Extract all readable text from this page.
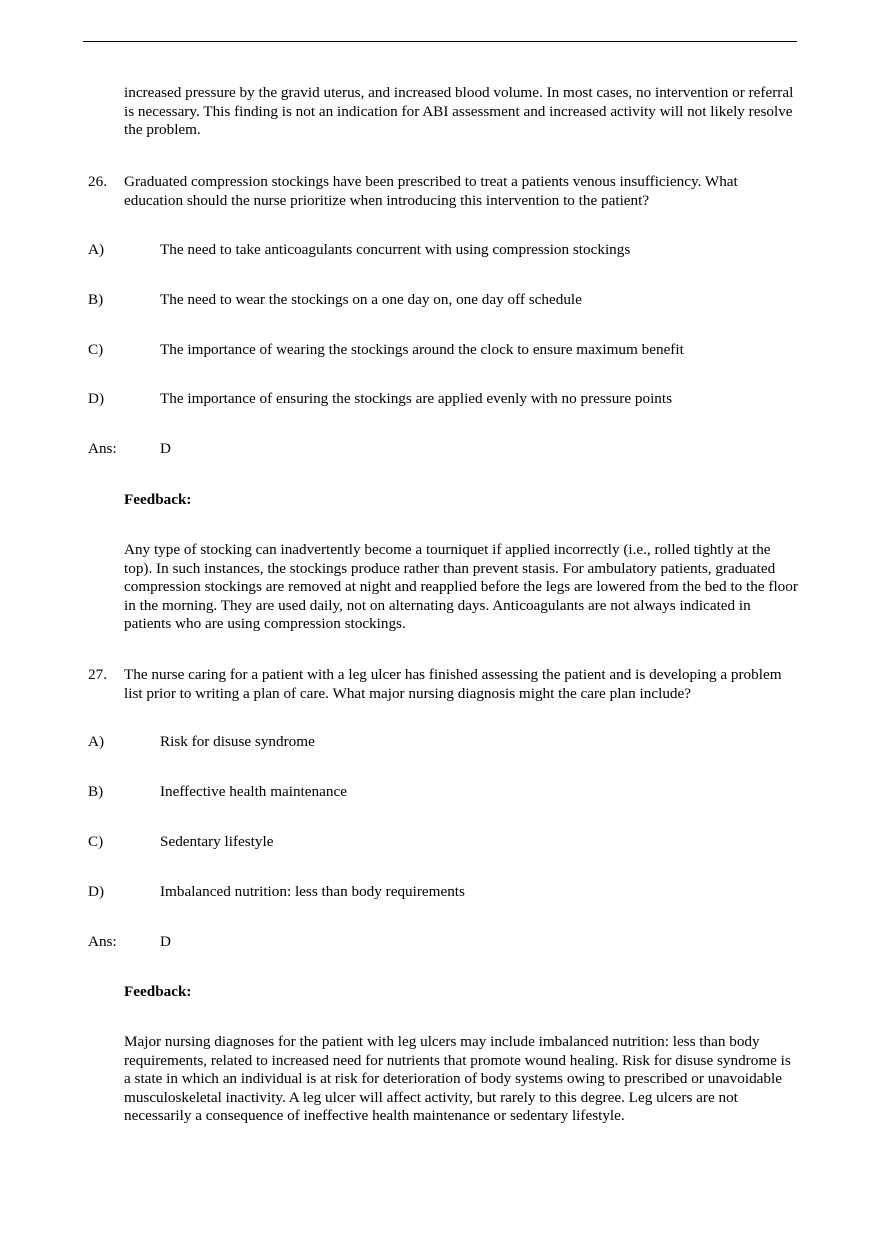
increased pressure by the gravid uterus, and increased blood volume. In most cases, no intervention or referral is necessary. This finding is not an indication for ABI assessment and increased activity will not likely resolve the problem.

26. Graduated compression stockings have been prescribed to treat a patients venous insufficiency. What education should the nurse prioritize when introducing this intervention to the patient?

A)	The need to take anticoagulants concurrent with using compression stockings
B)	The need to wear the stockings on a one day on, one day off schedule
C)	The importance of wearing the stockings around the clock to ensure maximum benefit
D)	The importance of ensuring the stockings are applied evenly with no pressure points
Ans:	D

Feedback:

Any type of stocking can inadvertently become a tourniquet if applied incorrectly (i.e., rolled tightly at the top). In such instances, the stockings produce rather than prevent stasis. For ambulatory patients, graduated compression stockings are removed at night and reapplied before the legs are lowered from the bed to the floor in the morning. They are used daily, not on alternating days. Anticoagulants are not always indicated in patients who are using compression stockings.

27. The nurse caring for a patient with a leg ulcer has finished assessing the patient and is developing a problem list prior to writing a plan of care. What major nursing diagnosis might the care plan include?

A)	Risk for disuse syndrome
B)	Ineffective health maintenance
C)	Sedentary lifestyle
D)	Imbalanced nutrition: less than body requirements
Ans:	D

Feedback:

Major nursing diagnoses for the patient with leg ulcers may include imbalanced nutrition: less than body requirements, related to increased need for nutrients that promote wound healing. Risk for disuse syndrome is a state in which an individual is at risk for deterioration of body systems owing to prescribed or unavoidable musculoskeletal inactivity. A leg ulcer will affect activity, but rarely to this degree. Leg ulcers are not necessarily a consequence of ineffective health maintenance or sedentary lifestyle.
